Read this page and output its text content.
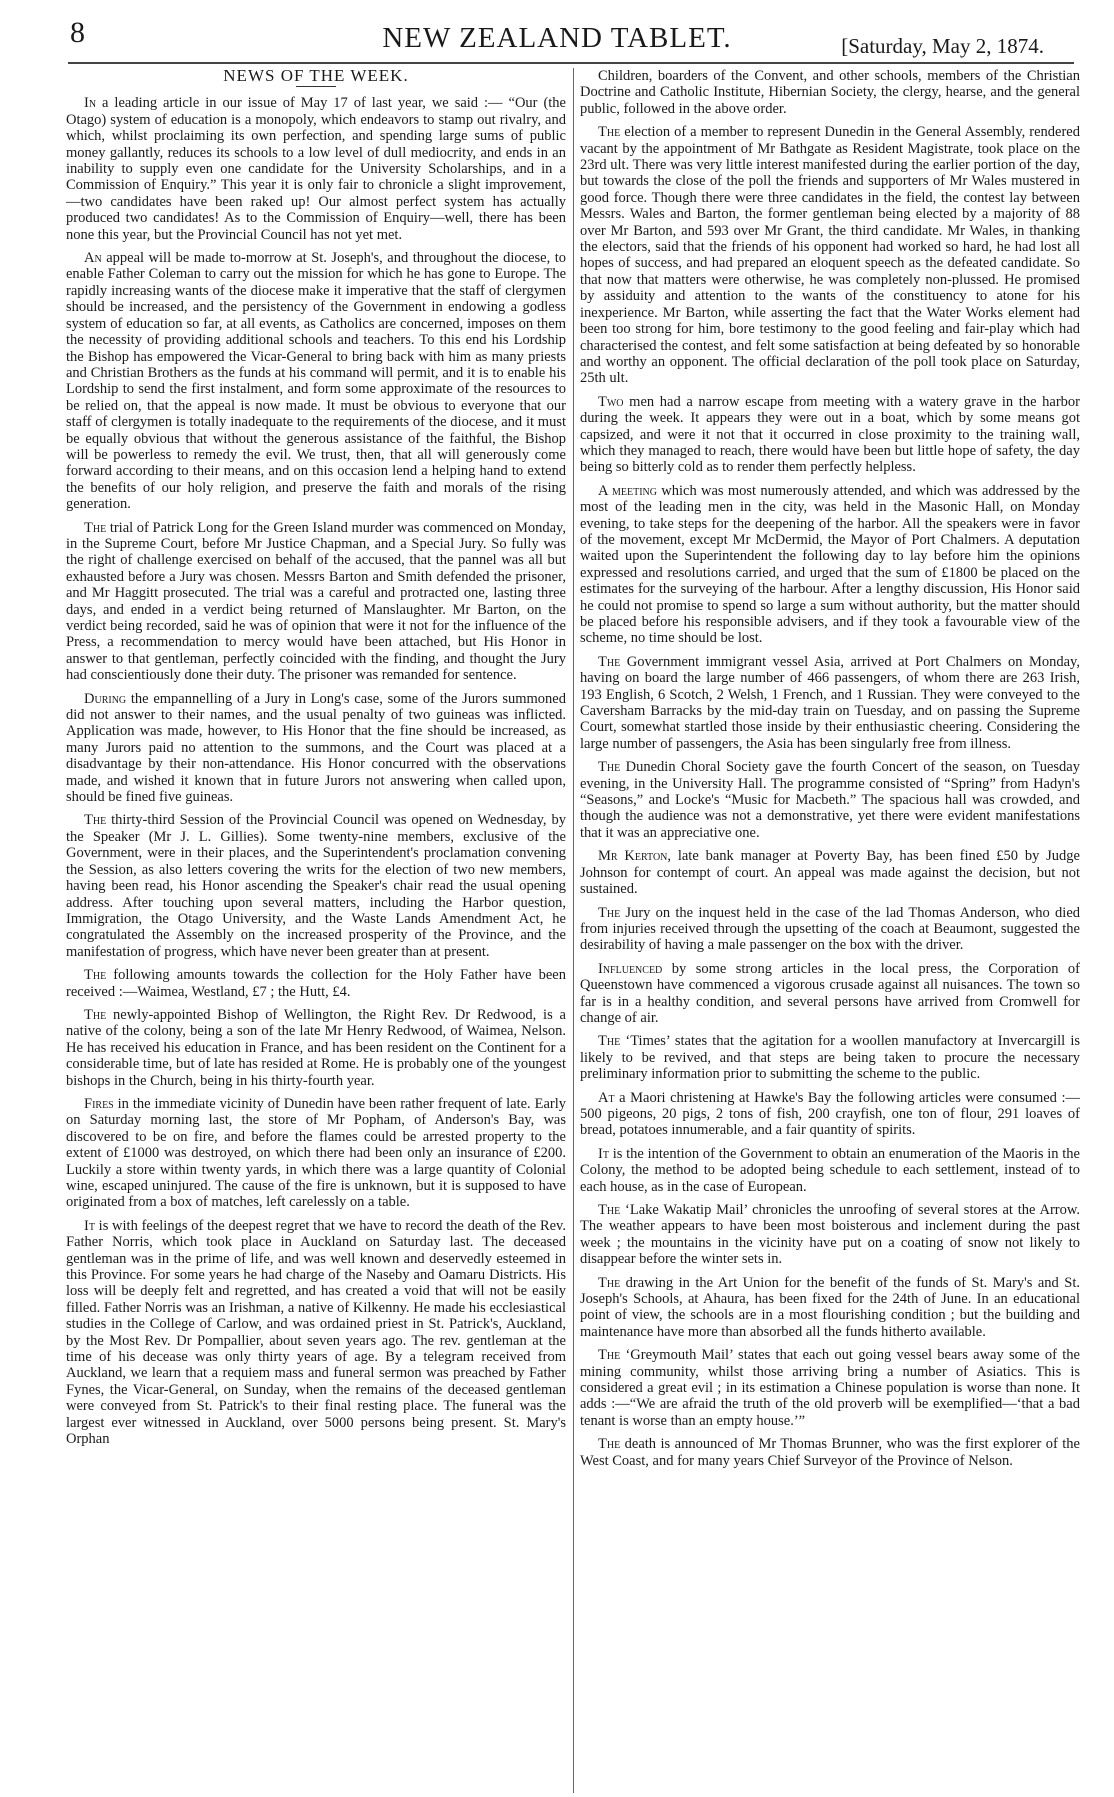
8	NEW ZEALAND TABLET.	[Saturday, May 2, 1874.
NEWS OF THE WEEK.

In a leading article in our issue of May 17 of last year, we said :— “Our (the Otago) system of education is a monopoly, which endeavors to stamp out rivalry, and which, whilst proclaiming its own perfection, and spending large sums of public money gallantly, reduces its schools to a low level of dull mediocrity, and ends in an inability to supply even one candidate for the University Scholarships, and in a Commission of Enquiry.” This year it is only fair to chronicle a slight improvement,—two candidates have been raked up! Our almost perfect system has actually produced two candidates! As to the Commission of Enquiry—well, there has been none this year, but the Provincial Council has not yet met.

An appeal will be made to-morrow at St. Joseph's, and throughout the diocese, to enable Father Coleman to carry out the mission for which he has gone to Europe. The rapidly increasing wants of the diocese make it imperative that the staff of clergymen should be increased, and the persistency of the Government in endowing a godless system of education so far, at all events, as Catholics are concerned, imposes on them the necessity of providing additional schools and teachers. To this end his Lordship the Bishop has empowered the Vicar-General to bring back with him as many priests and Christian Brothers as the funds at his command will permit, and it is to enable his Lordship to send the first instalment, and form some approximate of the resources to be relied on, that the appeal is now made. It must be obvious to everyone that our staff of clergymen is totally inadequate to the requirements of the diocese, and it must be equally obvious that without the generous assistance of the faithful, the Bishop will be powerless to remedy the evil. We trust, then, that all will generously come forward according to their means, and on this occasion lend a helping hand to extend the benefits of our holy religion, and preserve the faith and morals of the rising generation.

The trial of Patrick Long for the Green Island murder was commenced on Monday, in the Supreme Court, before Mr Justice Chapman, and a Special Jury. So fully was the right of challenge exercised on behalf of the accused, that the pannel was all but exhausted before a Jury was chosen. Messrs Barton and Smith defended the prisoner, and Mr Haggitt prosecuted. The trial was a careful and protracted one, lasting three days, and ended in a verdict being returned of Manslaughter. Mr Barton, on the verdict being recorded, said he was of opinion that were it not for the influence of the Press, a recommendation to mercy would have been attached, but His Honor in answer to that gentleman, perfectly coincided with the finding, and thought the Jury had conscientiously done their duty. The prisoner was remanded for sentence.

During the empannelling of a Jury in Long's case, some of the Jurors summoned did not answer to their names, and the usual penalty of two guineas was inflicted. Application was made, however, to His Honor that the fine should be increased, as many Jurors paid no attention to the summons, and the Court was placed at a disadvantage by their non-attendance. His Honor concurred with the observations made, and wished it known that in future Jurors not answering when called upon, should be fined five guineas.

The thirty-third Session of the Provincial Council was opened on Wednesday, by the Speaker (Mr J. L. Gillies). Some twenty-nine members, exclusive of the Government, were in their places, and the Superintendent's proclamation convening the Session, as also letters covering the writs for the election of two new members, having been read, his Honor ascending the Speaker's chair read the usual opening address. After touching upon several matters, including the Harbor question, Immigration, the Otago University, and the Waste Lands Amendment Act, he congratulated the Assembly on the increased prosperity of the Province, and the manifestation of progress, which have never been greater than at present.

The following amounts towards the collection for the Holy Father have been received :—Waimea, Westland, £7 ; the Hutt, £4.

The newly-appointed Bishop of Wellington, the Right Rev. Dr Redwood, is a native of the colony, being a son of the late Mr Henry Redwood, of Waimea, Nelson. He has received his education in France, and has been resident on the Continent for a considerable time, but of late has resided at Rome. He is probably one of the youngest bishops in the Church, being in his thirty-fourth year.

Fires in the immediate vicinity of Dunedin have been rather frequent of late. Early on Saturday morning last, the store of Mr Popham, of Anderson's Bay, was discovered to be on fire, and before the flames could be arrested property to the extent of £1000 was destroyed, on which there had been only an insurance of £200. Luckily a store within twenty yards, in which there was a large quantity of Colonial wine, escaped uninjured. The cause of the fire is unknown, but it is supposed to have originated from a box of matches, left carelessly on a table.

It is with feelings of the deepest regret that we have to record the death of the Rev. Father Norris, which took place in Auckland on Saturday last. The deceased gentleman was in the prime of life, and was well known and deservedly esteemed in this Province. For some years he had charge of the Naseby and Oamaru Districts. His loss will be deeply felt and regretted, and has created a void that will not be easily filled. Father Norris was an Irishman, a native of Kilkenny. He made his ecclesiastical studies in the College of Carlow, and was ordained priest in St. Patrick's, Auckland, by the Most Rev. Dr Pompallier, about seven years ago. The rev. gentleman at the time of his decease was only thirty years of age. By a telegram received from Auckland, we learn that a requiem mass and funeral sermon was preached by Father Fynes, the Vicar-General, on Sunday, when the remains of the deceased gentleman were conveyed from St. Patrick's to their final resting place. The funeral was the largest ever witnessed in Auckland, over 5000 persons being present. St. Mary's Orphan

Children, boarders of the Convent, and other schools, members of the Christian Doctrine and Catholic Institute, Hibernian Society, the clergy, hearse, and the general public, followed in the above order.

The election of a member to represent Dunedin in the General Assembly, rendered vacant by the appointment of Mr Bathgate as Resident Magistrate, took place on the 23rd ult. There was very little interest manifested during the earlier portion of the day, but towards the close of the poll the friends and supporters of Mr Wales mustered in good force. Though there were three candidates in the field, the contest lay between Messrs. Wales and Barton, the former gentleman being elected by a majority of 88 over Mr Barton, and 593 over Mr Grant, the third candidate. Mr Wales, in thanking the electors, said that the friends of his opponent had worked so hard, he had lost all hopes of success, and had prepared an eloquent speech as the defeated candidate. So that now that matters were otherwise, he was completely non-plussed. He promised by assiduity and attention to the wants of the constituency to atone for his inexperience. Mr Barton, while asserting the fact that the Water Works element had been too strong for him, bore testimony to the good feeling and fair-play which had characterised the contest, and felt some satisfaction at being defeated by so honorable and worthy an opponent. The official declaration of the poll took place on Saturday, 25th ult.

Two men had a narrow escape from meeting with a watery grave in the harbor during the week. It appears they were out in a boat, which by some means got capsized, and were it not that it occurred in close proximity to the training wall, which they managed to reach, there would have been but little hope of safety, the day being so bitterly cold as to render them perfectly helpless.

A meeting which was most numerously attended, and which was addressed by the most of the leading men in the city, was held in the Masonic Hall, on Monday evening, to take steps for the deepening of the harbor. All the speakers were in favor of the movement, except Mr McDermid, the Mayor of Port Chalmers. A deputation waited upon the Superintendent the following day to lay before him the opinions expressed and resolutions carried, and urged that the sum of £1800 be placed on the estimates for the surveying of the harbour. After a lengthy discussion, His Honor said he could not promise to spend so large a sum without authority, but the matter should be placed before his responsible advisers, and if they took a favourable view of the scheme, no time should be lost.

The Government immigrant vessel Asia, arrived at Port Chalmers on Monday, having on board the large number of 466 passengers, of whom there are 263 Irish, 193 English, 6 Scotch, 2 Welsh, 1 French, and 1 Russian. They were conveyed to the Caversham Barracks by the mid-day train on Tuesday, and on passing the Supreme Court, somewhat startled those inside by their enthusiastic cheering. Considering the large number of passengers, the Asia has been singularly free from illness.

The Dunedin Choral Society gave the fourth Concert of the season, on Tuesday evening, in the University Hall. The programme consisted of “Spring” from Hadyn's “Seasons,” and Locke's “Music for Macbeth.” The spacious hall was crowded, and though the audience was not a demonstrative, yet there were evident manifestations that it was an appreciative one.

Mr Kerton, late bank manager at Poverty Bay, has been fined £50 by Judge Johnson for contempt of court. An appeal was made against the decision, but not sustained.

The Jury on the inquest held in the case of the lad Thomas Anderson, who died from injuries received through the upsetting of the coach at Beaumont, suggested the desirability of having a male passenger on the box with the driver.

Influenced by some strong articles in the local press, the Corporation of Queenstown have commenced a vigorous crusade against all nuisances. The town so far is in a healthy condition, and several persons have arrived from Cromwell for change of air.

The ‘Times’ states that the agitation for a woollen manufactory at Invercargill is likely to be revived, and that steps are being taken to procure the necessary preliminary information prior to submitting the scheme to the public.

At a Maori christening at Hawke's Bay the following articles were consumed :—500 pigeons, 20 pigs, 2 tons of fish, 200 crayfish, one ton of flour, 291 loaves of bread, potatoes innumerable, and a fair quantity of spirits.

It is the intention of the Government to obtain an enumeration of the Maoris in the Colony, the method to be adopted being schedule to each settlement, instead of to each house, as in the case of European.

The ‘Lake Wakatip Mail’ chronicles the unroofing of several stores at the Arrow. The weather appears to have been most boisterous and inclement during the past week ; the mountains in the vicinity have put on a coating of snow not likely to disappear before the winter sets in.

The drawing in the Art Union for the benefit of the funds of St. Mary's and St. Joseph's Schools, at Ahaura, has been fixed for the 24th of June. In an educational point of view, the schools are in a most flourishing condition ; but the building and maintenance have more than absorbed all the funds hitherto available.

The ‘Greymouth Mail’ states that each out going vessel bears away some of the mining community, whilst those arriving bring a number of Asiatics. This is considered a great evil ; in its estimation a Chinese population is worse than none. It adds :—“We are afraid the truth of the old proverb will be exemplified—‘that a bad tenant is worse than an empty house.’”

The death is announced of Mr Thomas Brunner, who was the first explorer of the West Coast, and for many years Chief Surveyor of the Province of Nelson.
